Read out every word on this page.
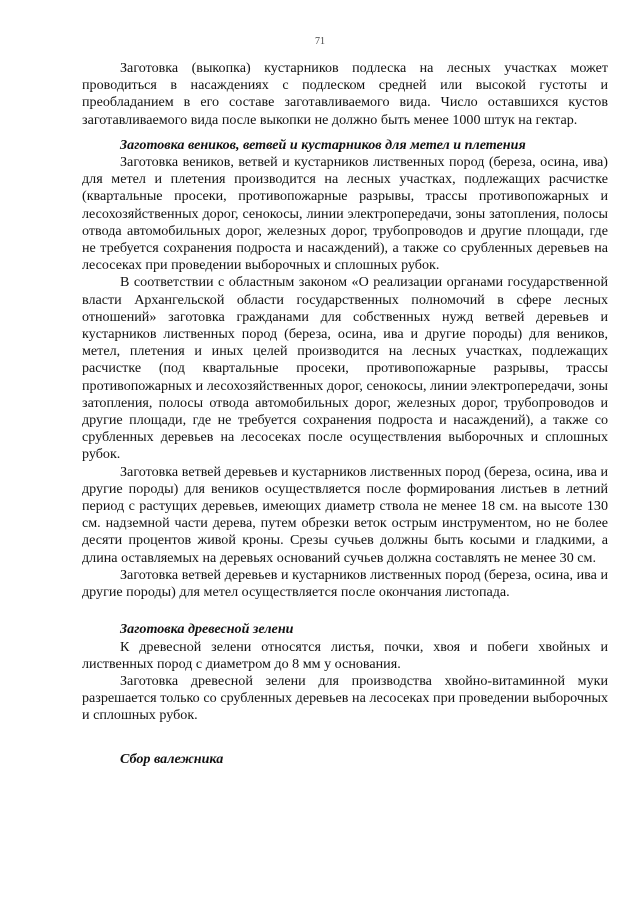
71

Заготовка (выкопка) кустарников подлеска на лесных участках может проводиться в насаждениях с подлеском средней или высокой густоты и преобладанием в его составе заготавливаемого вида. Число оставшихся кустов заготавливаемого вида после выкопки не должно быть менее 1000 штук на гектар.

Заготовка веников, ветвей и кустарников для метел и плетения

Заготовка веников, ветвей и кустарников лиственных пород (береза, осина, ива) для метел и плетения производится на лесных участках, подлежащих расчистке (квартальные просеки, противопожарные разрывы, трассы противопожарных и лесохозяйственных дорог, сенокосы, линии электропередачи, зоны затопления, полосы отвода автомобильных дорог, железных дорог, трубопроводов и другие площади, где не требуется сохранения подроста и насаждений), а также со срубленных деревьев на лесосеках при проведении выборочных и сплошных рубок.

В соответствии с областным законом «О реализации органами государственной власти Архангельской области государственных полномочий в сфере лесных отношений» заготовка гражданами для собственных нужд ветвей деревьев и кустарников лиственных пород (береза, осина, ива и другие породы) для веников, метел, плетения и иных целей производится на лесных участках, подлежащих расчистке (под квартальные просеки, противопожарные разрывы, трассы противопожарных и лесохозяйственных дорог, сенокосы, линии электропередачи, зоны затопления, полосы отвода автомобильных дорог, железных дорог, трубопроводов и другие площади, где не требуется сохранения подроста и насаждений), а также со срубленных деревьев на лесосеках после осуществления выборочных и сплошных рубок.

Заготовка ветвей деревьев и кустарников лиственных пород (береза, осина, ива и другие породы) для веников осуществляется после формирования листьев в летний период с растущих деревьев, имеющих диаметр ствола не менее 18 см. на высоте 130 см. надземной части дерева, путем обрезки веток острым инструментом, но не более десяти процентов живой кроны. Срезы сучьев должны быть косыми и гладкими, а длина оставляемых на деревьях оснований сучьев должна составлять не менее 30 см.

Заготовка ветвей деревьев и кустарников лиственных пород (береза, осина, ива и другие породы) для метел осуществляется после окончания листопада.

Заготовка древесной зелени

К древесной зелени относятся листья, почки, хвоя и побеги хвойных и лиственных пород с диаметром до 8 мм у основания.

Заготовка древесной зелени для производства хвойно-витаминной муки разрешается только со срубленных деревьев на лесосеках при проведении выборочных и сплошных рубок.

Сбор валежника
